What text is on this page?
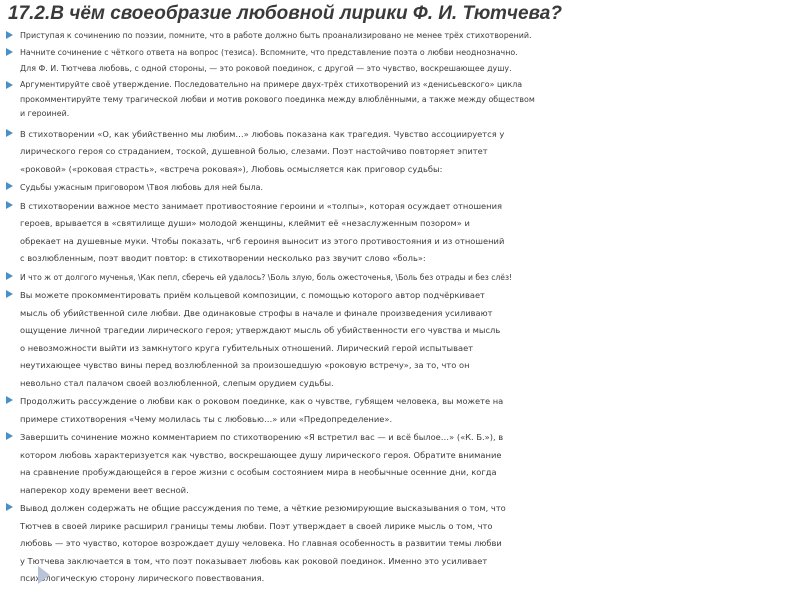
17.2.В чём своеобразие любовной лирики Ф. И. Тютчева?
Приступая к сочинению по поэзии, помните, что в работе должно быть проанализировано не менее трёх стихотворений.
Начните сочинение с чёткого ответа на вопрос (тезиса). Вспомните, что представление поэта о любви неоднозначно.
Для Ф. И. Тютчева любовь, с одной стороны, — это роковой поединок, с другой — это чувство, воскрешающее душу.
Аргументируйте своё утверждение. Последовательно на примере двух-трёх стихотворений из «денисьевского» цикла
прокомментируйте тему трагической любви и мотив рокового поединка между влюблёнными, а также между обществом
и героиней.
В стихотворении «О, как убийственно мы любим…» любовь показана как трагедия. Чувство ассоциируется у
лирического героя со страданием, тоской, душевной болью, слезами. Поэт настойчиво повторяет эпитет
«роковой» («роковая страсть», «встреча роковая»), Любовь осмысляется как приговор судьбы:
Судьбы ужасным приговором \Твоя любовь для ней была.
В стихотворении важное место занимает противостояние героини и «толпы», которая осуждает отношения
героев, врывается в «святилище души» молодой женщины, клеймит её «незаслуженным позором» и
обрекает на душевные муки. Чтобы показать, чгб героиня выносит из этого противостояния и из отношений
с возлюбленным, поэт вводит повтор: в стихотворении несколько раз звучит слово «боль»:
И что ж от долгого мученья, \Как пепл, сберечь ей удалось? \Боль злую, боль ожесточенья, \Боль без отрады и без слёз!
Вы можете прокомментировать приём кольцевой композиции, с помощью которого автор подчёркивает
мысль об убийственной силе любви. Две одинаковые строфы в начале и финале произведения усиливают
ощущение личной трагедии лирического героя; утверждают мысль об убийственности его чувства и мысль
о невозможности выйти из замкнутого круга губительных отношений. Лирический герой испытывает
неутихающее чувство вины перед возлюбленной за произошедшую «роковую встречу», за то, что он
невольно стал палачом своей возлюбленной, слепым орудием судьбы.
Продолжить рассуждение о любви как о роковом поединке, как о чувстве, губящем человека, вы можете на
примере стихотворения «Чему молилась ты с любовью…» или «Предопределение».
Завершить сочинение можно комментарием по стихотворению «Я встретил вас — и всё былое…» («К. Б.»), в
котором любовь характеризуется как чувство, воскрешающее душу лирического героя. Обратите внимание
на сравнение пробуждающейся в герое жизни с особым состоянием мира в необычные осенние дни, когда
наперекор ходу времени веет весной.
Вывод должен содержать не общие рассуждения по теме, а чёткие резюмирующие высказывания о том, что
Тютчев в своей лирике расширил границы темы любви. Поэт утверждает в своей лирике мысль о том, что
любовь — это чувство, которое возрождает душу человека. Но главная особенность в развитии темы любви
у Тютчева заключается в том, что поэт показывает любовь как роковой поединок. Именно это усиливает
психологическую сторону лирического повествования.
